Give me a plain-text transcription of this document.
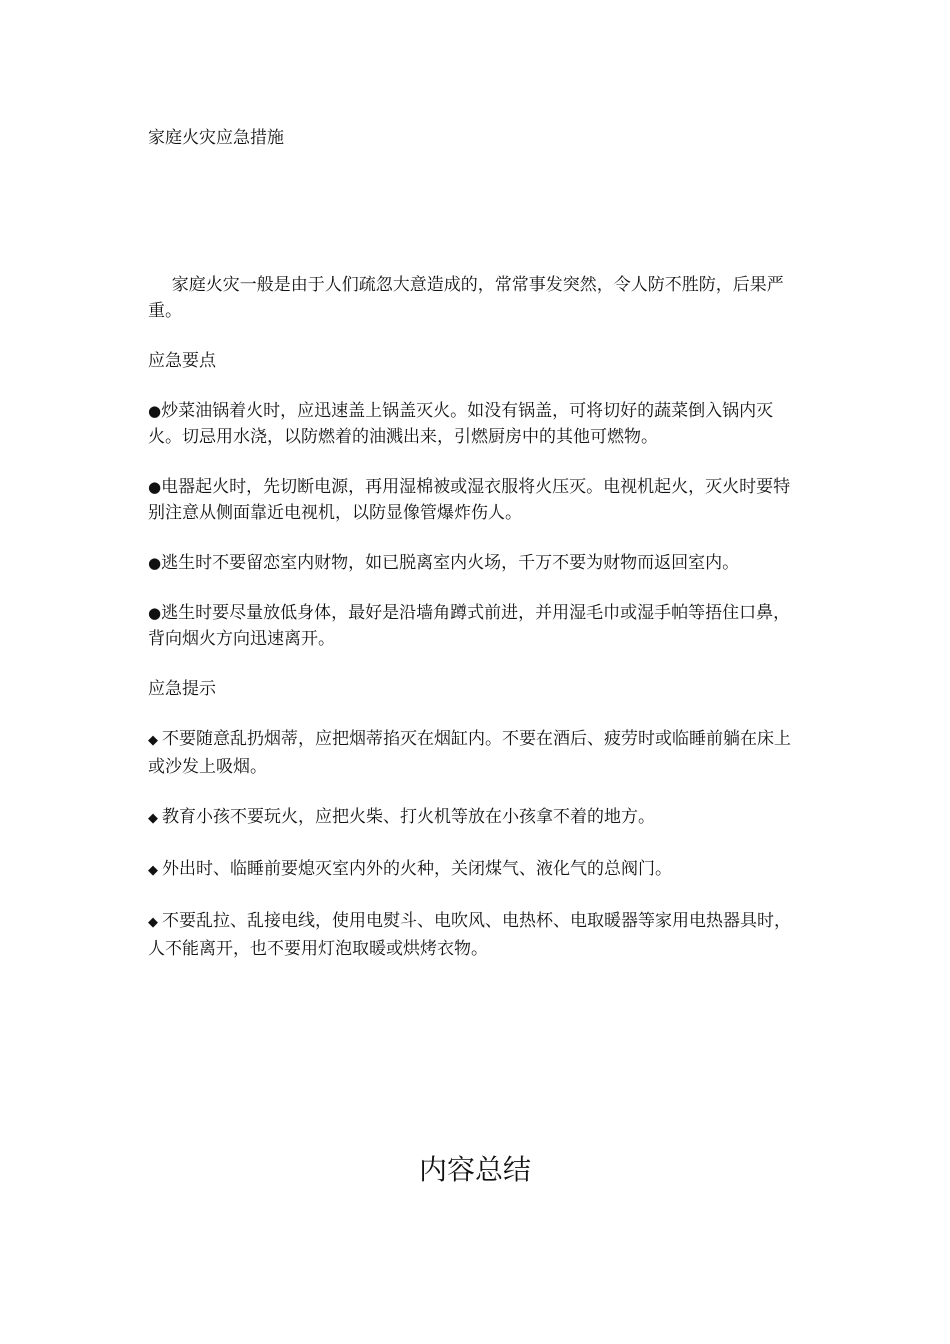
家庭火灾应急措施

家庭火灾一般是由于人们疏忽大意造成的，常常事发突然，令人防不胜防，后果严重。

应急要点

●炒菜油锅着火时，应迅速盖上锅盖灭火。如没有锅盖，可将切好的蔬菜倒入锅内灭火。切忌用水浇，以防燃着的油溅出来，引燃厨房中的其他可燃物。

●电器起火时，先切断电源，再用湿棉被或湿衣服将火压灭。电视机起火，灭火时要特别注意从侧面靠近电视机，以防显像管爆炸伤人。

●逃生时不要留恋室内财物，如已脱离室内火场，千万不要为财物而返回室内。

●逃生时要尽量放低身体，最好是沿墙角蹲式前进，并用湿毛巾或湿手帕等捂住口鼻，背向烟火方向迅速离开。

应急提示

◆ 不要随意乱扔烟蒂，应把烟蒂掐灭在烟缸内。不要在酒后、疲劳时或临睡前躺在床上或沙发上吸烟。

◆ 教育小孩不要玩火，应把火柴、打火机等放在小孩拿不着的地方。

◆ 外出时、临睡前要熄灭室内外的火种，关闭煤气、液化气的总阀门。

◆ 不要乱拉、乱接电线，使用电熨斗、电吹风、电热杯、电取暖器等家用电热器具时，人不能离开，也不要用灯泡取暖或烘烤衣物。

内容总结
